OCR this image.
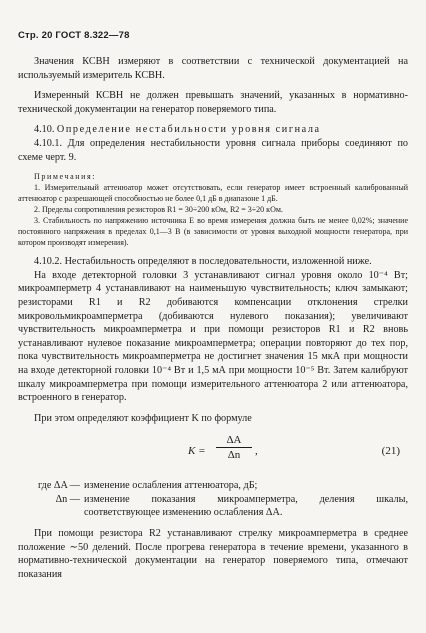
Стр. 20 ГОСТ 8.322—78

Значения КСВН измеряют в соответствии с технической документацией на используемый измеритель КСВН.

Измеренный КСВН не должен превышать значений, указанных в нормативно-технической документации на генератор поверяемого типа.

4.10. Определение нестабильности уровня сигнала

4.10.1. Для определения нестабильности уровня сигнала приборы соединяют по схеме черт. 9.

Примечания:

1. Измерительный аттенюатор может отсутствовать, если генератор имеет встроенный калиброванный аттенюатор с разрешающей способностью не более 0,1 дБ в диапазоне 1 дБ.

2. Пределы сопротивления резисторов R1 = 30÷200 кОм, R2 = 3÷20 кОм.

3. Стабильность по напряжению источника Е во время измерения должна быть не менее 0,02%; значение постоянного напряжения в пределах 0,1—3 В (в зависимости от уровня выходной мощности генератора, при котором производят измерения).

4.10.2. Нестабильность определяют в последовательности, изложенной ниже.

На входе детекторной головки 3 устанавливают сигнал уровня около 10⁻⁴ Вт; микроамперметр 4 устанавливают на наименьшую чувствительность; ключ замыкают; резисторами R1 и R2 добиваются компенсации отклонения стрелки микровольмикроамперметра (добиваются нулевого показания); увеличивают чувствительность микроамперметра и при помощи резисторов R1 и R2 вновь устанавливают нулевое показание микроамперметра; операции повторяют до тех пор, пока чувствительность микроамперметра не достигнет значения 15 мкА при мощности на входе детекторной головки 10⁻⁴ Вт и 1,5 мА при мощности 10⁻⁵ Вт. Затем калибруют шкалу микроамперметра при помощи измерительного аттенюатора 2 или аттенюатора, встроенного в генератор.

При этом определяют коэффициент K по формуле

$K = \frac{\Delta A}{\Delta n}$ ,	(21)
где ΔA — изменение ослабления аттенюатора, дБ;
Δn — изменение показания микроамперметра, деления шкалы, соответствующее изменению ослабления ΔA.

При помощи резистора R2 устанавливают стрелку микроамперметра в среднее положение ∼50 делений. После прогрева генератора в течение времени, указанного в нормативно-технической документации на генератор поверяемого типа, отмечают показания
